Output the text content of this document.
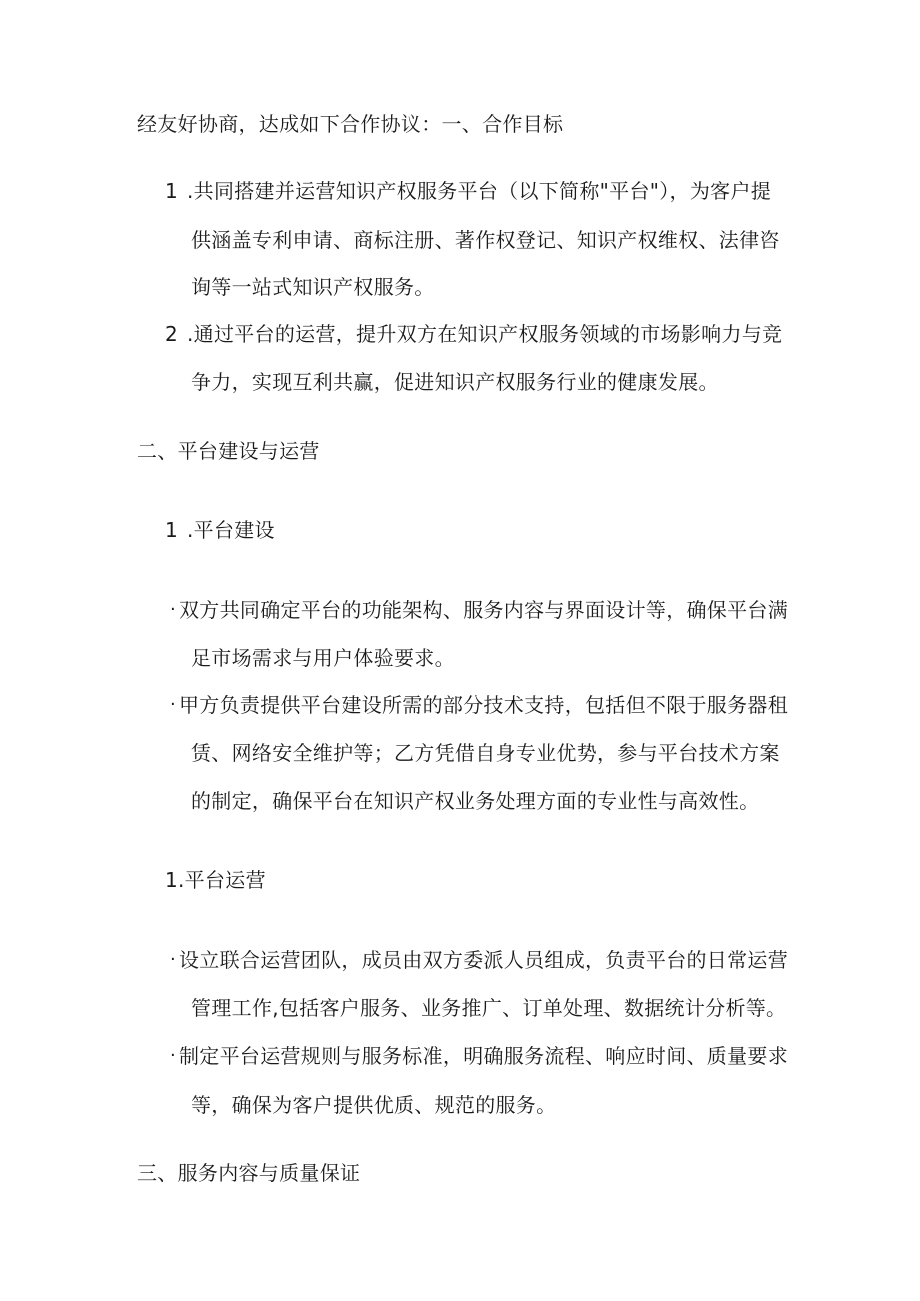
经友好协商，达成如下合作协议：一、合作目标
1 .共同搭建并运营知识产权服务平台（以下简称"平台"），为客户提
供涵盖专利申请、商标注册、著作权登记、知识产权维权、法律咨
询等一站式知识产权服务。
2 .通过平台的运营，提升双方在知识产权服务领域的市场影响力与竞
争力，实现互利共赢，促进知识产权服务行业的健康发展。
二、平台建设与运营
1 .平台建设
· 双方共同确定平台的功能架构、服务内容与界面设计等，确保平台满
足市场需求与用户体验要求。
· 甲方负责提供平台建设所需的部分技术支持，包括但不限于服务器租
赁、网络安全维护等；乙方凭借自身专业优势，参与平台技术方案
的制定，确保平台在知识产权业务处理方面的专业性与高效性。
1.平台运营
· 设立联合运营团队，成员由双方委派人员组成，负责平台的日常运营
管理工作,包括客户服务、业务推广、订单处理、数据统计分析等。
· 制定平台运营规则与服务标准，明确服务流程、响应时间、质量要求
等，确保为客户提供优质、规范的服务。
三、服务内容与质量保证
